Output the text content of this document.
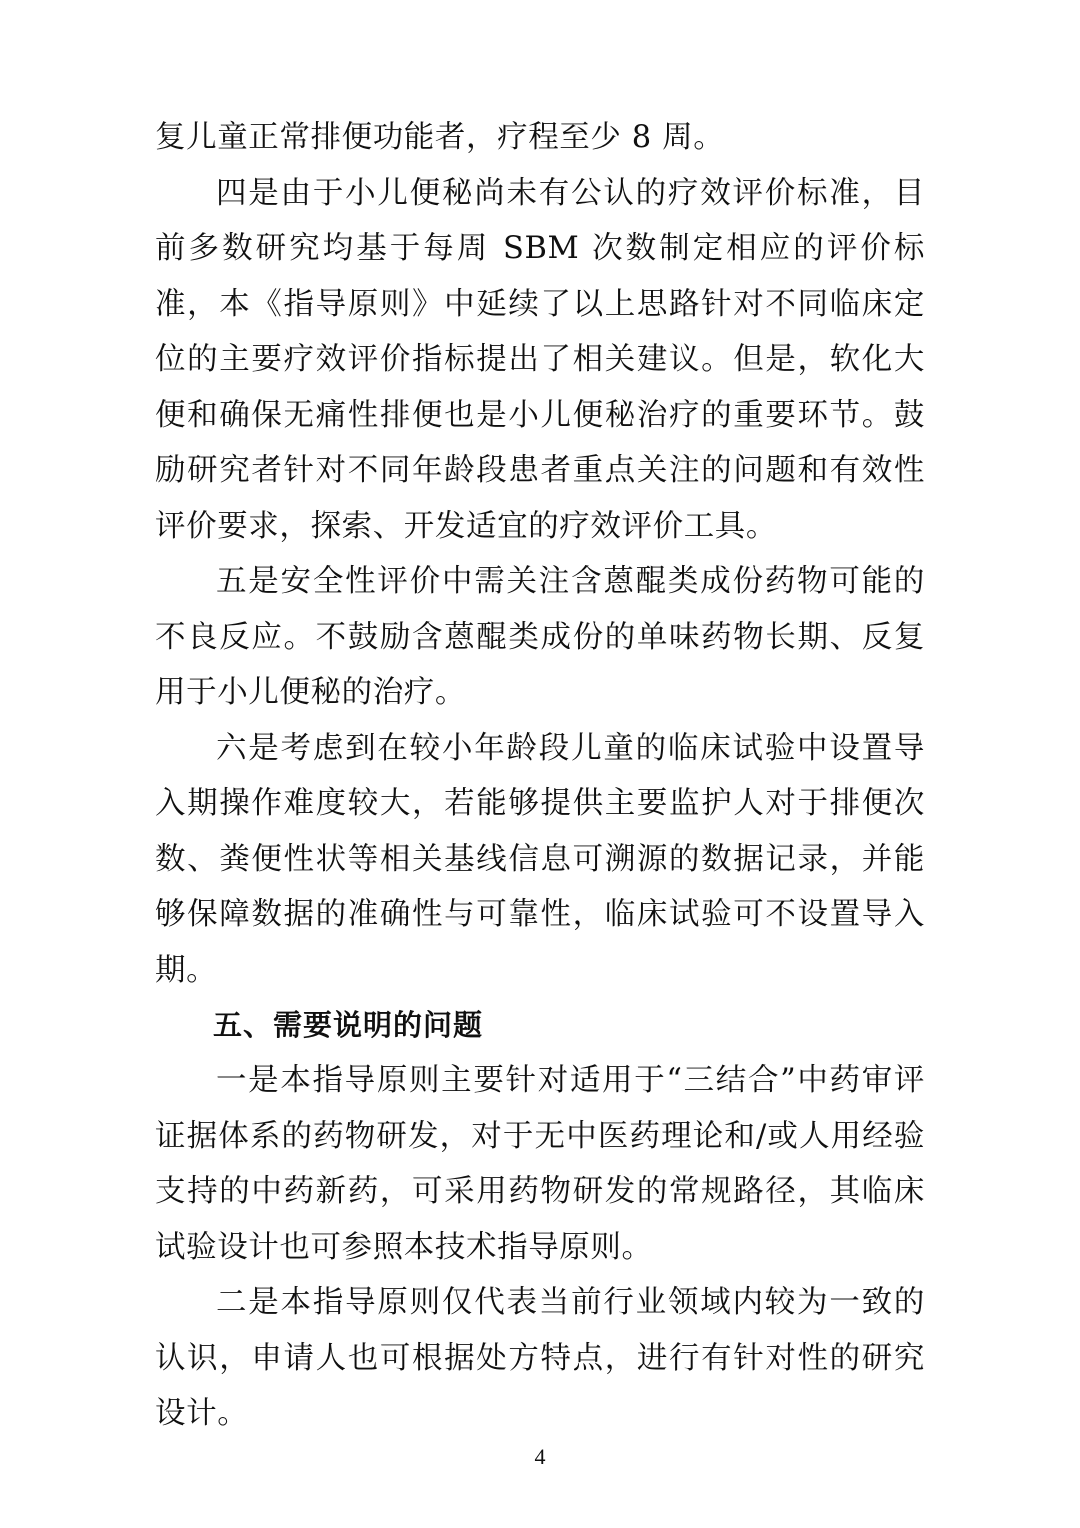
复儿童正常排便功能者，疗程至少 8 周。

四是由于小儿便秘尚未有公认的疗效评价标准，目前多数研究均基于每周 SBM 次数制定相应的评价标准，本《指导原则》中延续了以上思路针对不同临床定位的主要疗效评价指标提出了相关建议。但是，软化大便和确保无痛性排便也是小儿便秘治疗的重要环节。鼓励研究者针对不同年龄段患者重点关注的问题和有效性评价要求，探索、开发适宜的疗效评价工具。

五是安全性评价中需关注含蒽醌类成份药物可能的不良反应。不鼓励含蒽醌类成份的单味药物长期、反复用于小儿便秘的治疗。

六是考虑到在较小年龄段儿童的临床试验中设置导入期操作难度较大，若能够提供主要监护人对于排便次数、粪便性状等相关基线信息可溯源的数据记录，并能够保障数据的准确性与可靠性，临床试验可不设置导入期。

五、需要说明的问题

一是本指导原则主要针对适用于“三结合”中药审评证据体系的药物研发，对于无中医药理论和/或人用经验支持的中药新药，可采用药物研发的常规路径，其临床试验设计也可参照本技术指导原则。

二是本指导原则仅代表当前行业领域内较为一致的认识，申请人也可根据处方特点，进行有针对性的研究设计。

4
